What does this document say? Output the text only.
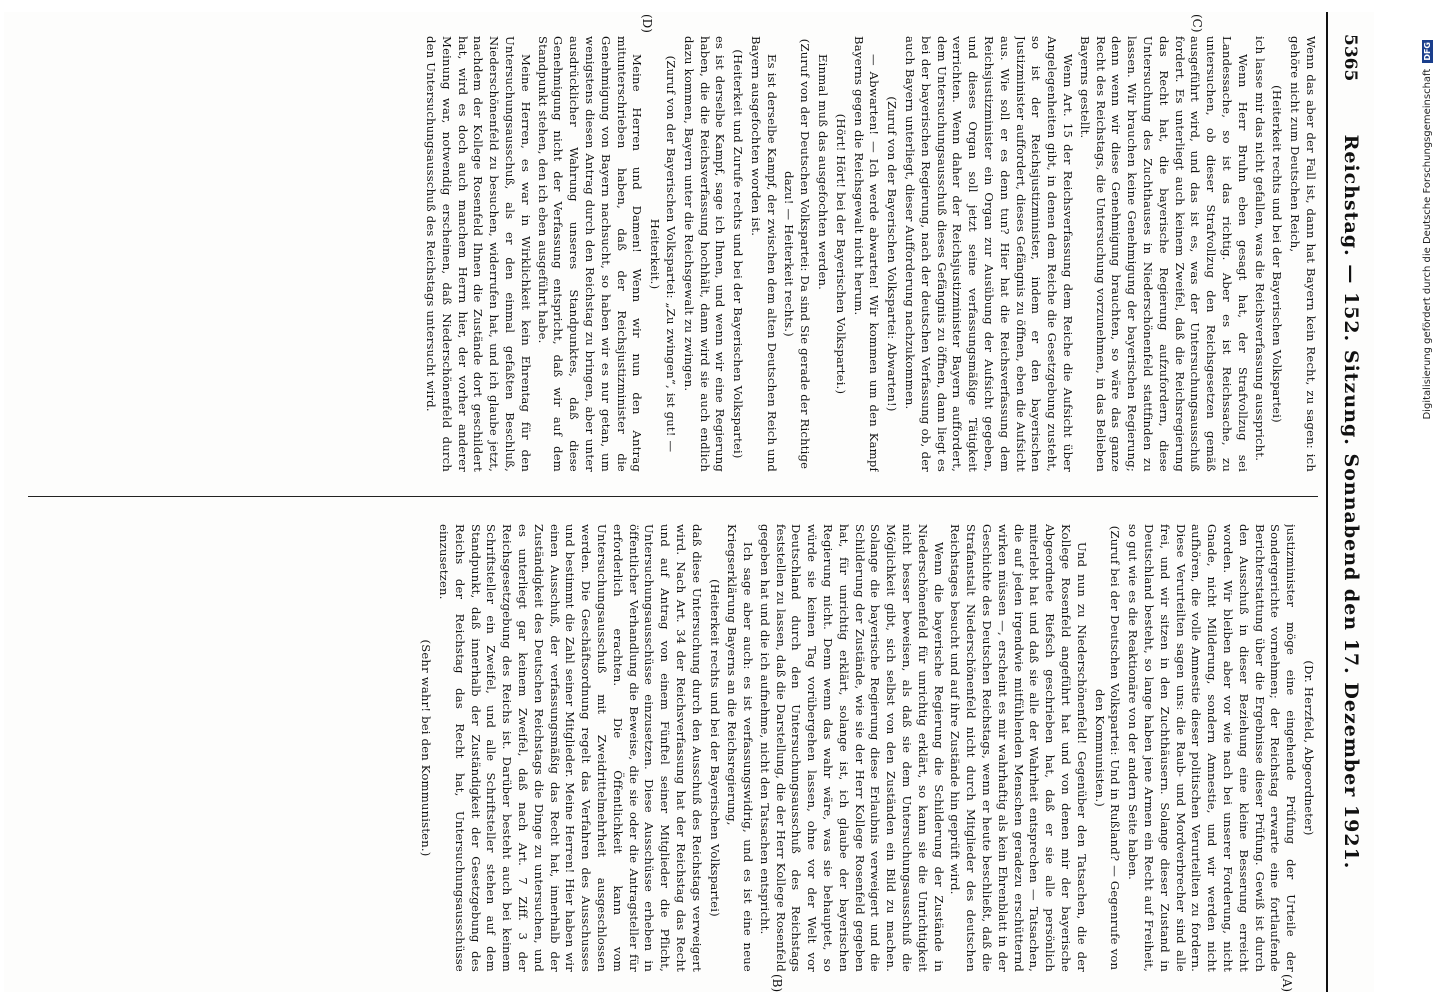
5365
Reichstag. — 152. Sitzung. Sonnabend den 17. Dezember 1921.
(C)
(D)
(A)
(B)

Wenn das aber der Fall ist, dann hat Bayern kein Recht, zu sagen: ich gehöre nicht zum Deutschen Reich,

(Heiterkeit rechts und bei der Bayerischen Volkspartei)

ich lasse mir das nicht gefallen, was die Reichsverfassung ausspricht.

Wenn Herr Bruhn eben gesagt hat, der Strafvollzug sei Landessache, so ist das richtig. Aber es ist Reichssache, zu untersuchen, ob dieser Strafvollzug den Reichsgesetzen gemäß ausgeführt wird, und das ist es, was der Untersuchungsausschuß fordert. Es unterliegt auch keinem Zweifel, daß die Reichsregierung das Recht hat, die bayerische Regierung aufzufordern, diese Untersuchung des Zuchthauses in Niederschönenfeld stattfinden zu lassen. Wir brauchen keine Genehmigung der bayerischen Regierung; denn wenn wir diese Genehmigung brauchten, so wäre das ganze Recht des Reichstags, die Untersuchung vorzunehmen, in das Belieben Bayerns gestellt.

Wenn Art. 15 der Reichsverfassung dem Reiche die Aufsicht über Angelegenheiten gibt, in denen dem Reiche die Gesetzgebung zusteht, so ist der Reichsjustizminister, indem er den bayerischen Justizminister auffordert, dieses Gefängnis zu öffnen, eben die Aufsicht aus. Wie soll er es denn tun? Hier hat die Reichsverfassung dem Reichsjustizminister ein Organ zur Ausübung der Aufsicht gegeben, und dieses Organ soll jetzt seine verfassungsmäßige Tätigkeit verrichten. Wenn daher der Reichsjustizminister Bayern auffordert, dem Untersuchungsausschuß dieses Gefängnis zu öffnen, dann liegt es bei der bayerischen Regierung, nach der deutschen Verfassung ob, der auch Bayern unterliegt, dieser Aufforderung nachzukommen.

(Zuruf von der Bayerischen Volkspartei: Abwarten!)

— Abwarten! — Ich werde abwarten! Wir kommen um den Kampf Bayerns gegen die Reichsgewalt nicht herum.

(Hört! Hört! bei der Bayerischen Volkspartei.)

Einmal muß das ausgefochten werden.

(Zuruf von der Deutschen Volkspartei: Da sind Sie gerade der Richtige dazu! — Heiterkeit rechts.)

Es ist derselbe Kampf, der zwischen dem alten Deutschen Reich und Bayern ausgefochten worden ist.

(Heiterkeit und Zurufe rechts und bei der Bayerischen Volkspartei)

es ist derselbe Kampf, sage ich Ihnen, und wenn wir eine Regierung haben, die die Reichsverfassung hochhält, dann wird sie auch endlich dazu kommen, Bayern unter die Reichsgewalt zu zwingen.

(Zuruf von der Bayerischen Volkspartei: „Zu zwingen“, ist gut! — Heiterkeit.)

Meine Herren und Damen! Wenn wir nun den Antrag mitunterschrieben haben, daß der Reichsjustizminister die Genehmigung von Bayern nachsucht, so haben wir es nur getan, um wenigstens diesen Antrag durch den Reichstag zu bringen, aber unter ausdrücklicher Wahrung unseres Standpunktes, daß diese Genehmigung nicht der Verfassung entspricht, daß wir auf dem Standpunkt stehen, den ich eben ausgeführt habe.

Meine Herren, es war in Wirklichkeit kein Ehrentag für den Untersuchungsausschuß, als er den einmal gefaßten Beschluß, Niederschönenfeld zu besuchen, widerrufen hat, und ich glaube jetzt, nachdem der Kollege Rosenfeld Ihnen die Zustände dort geschildert hat, wird es doch auch manchem Herrn hier, der vorher anderer Meinung war, notwendig erscheinen, daß Niederschönenfeld durch den Untersuchungsausschuß des Reichstags untersucht wird.

(Dr. Herzfeld, Abgeordneter)

justizminister möge eine eingehende Prüfung der Urteile der Sondergerichte vornehmen; der Reichstag erwarte eine fortlaufende Berichterstattung über die Ergebnisse dieser Prüfung. Gewiß ist durch den Ausschuß in dieser Beziehung eine kleine Besserung erreicht worden. Wir bleiben aber vor wie nach bei unserer Forderung, nicht Gnade, nicht Milderung, sondern Amnestie, und wir werden nicht aufhören, die volle Amnestie dieser politischen Verurteilten zu fordern. Diese Verurteilten sagen uns: die Raub- und Mordverbrecher sind alle frei, und wir sitzen in den Zuchthäusern. Solange dieser Zustand in Deutschland besteht, so lange haben jene Armen ein Recht auf Freiheit, so gut wie es die Reaktionäre von der andern Seite haben.

(Zuruf bei der Deutschen Volkspartei: Und in Rußland? — Gegenrufe von den Kommunisten.)

Und nun zu Niederschönenfeld! Gegenüber den Tatsachen, die der Kollege Rosenfeld angeführt hat und von denen mir der bayerische Abgeordnete Riefsch geschrieben hat, daß er sie alle persönlich miterlebt hat und daß sie alle der Wahrheit entsprechen — Tatsachen, die auf jeden irgendwie mitfühlenden Menschen geradezu erschütternd wirken müssen —, erscheint es mir wahrhaftig als kein Ehrenblatt in der Geschichte des Deutschen Reichstags, wenn er heute beschließt, daß die Strafanstalt Niederschönenfeld nicht durch Mitglieder des deutschen Reichstages besucht und auf ihre Zustände hin geprüft wird.

Wenn die bayerische Regierung die Schilderung der Zustände in Niederschönenfeld für unrichtig erklärt, so kann sie die Unrichtigkeit nicht besser beweisen, als daß sie dem Untersuchungsausschuß die Möglichkeit gibt, sich selbst von den Zuständen ein Bild zu machen. Solange die bayerische Regierung diese Erlaubnis verweigert und die Schilderung der Zustände, wie sie der Herr Kollege Rosenfeld gegeben hat, für unrichtig erklärt, solange ist, ich glaube der bayerischen Regierung nicht. Denn wenn das wahr wäre, was sie behauptet, so würde sie keinen Tag vorübergehen lassen, ohne vor der Welt vor Deutschland durch den Untersuchungsausschuß des Reichstags feststellen zu lassen, daß die Darstellung, die der Herr Kollege Rosenfeld gegeben hat und die ich aufnehme, nicht den Tatsachen entspricht.

Ich sage aber auch: es ist verfassungswidrig, und es ist eine neue Kriegserklärung Bayerns an die Reichsregierung,

(Heiterkeit rechts und bei der Bayerischen Volkspartei)

daß diese Untersuchung durch den Ausschuß des Reichstags verweigert wird. Nach Art. 34 der Reichsverfassung hat der Reichstag das Recht und auf Antrag von einem Fünftel seiner Mitglieder die Pflicht, Untersuchungsausschüsse einzusetzen. Diese Ausschüsse erheben in öffentlicher Verhandlung die Beweise, die sie oder die Antragsteller für erforderlich erachten. Die Öffentlichkeit kann vom Untersuchungsausschuß mit Zweidrittelmehrheit ausgeschlossen werden. Die Geschäftsordnung regelt das Verfahren des Ausschusses und bestimmt die Zahl seiner Mitglieder. Meine Herren! Hier haben wir einen Ausschuß, der verfassungsmäßig das Recht hat, innerhalb der Zuständigkeit des Deutschen Reichstags die Dinge zu untersuchen, und es unterliegt gar keinem Zweifel, daß nach Art. 7 Ziff. 3 der Reichsgesetzgebung des Reichs ist. Darüber besteht auch bei keinem Schriftsteller ein Zweifel, und alle Schriftsteller stehen auf dem Standpunkt, daß innerhalb der Zuständigkeit der Gesetzgebung des Reichs der Reichstag das Recht hat, Untersuchungsausschüsse einzusetzen.

(Sehr wahr! bei den Kommunisten.)

Digitalisierung gefördert durch die Deutsche Forschungsgemeinschaft
DFG
